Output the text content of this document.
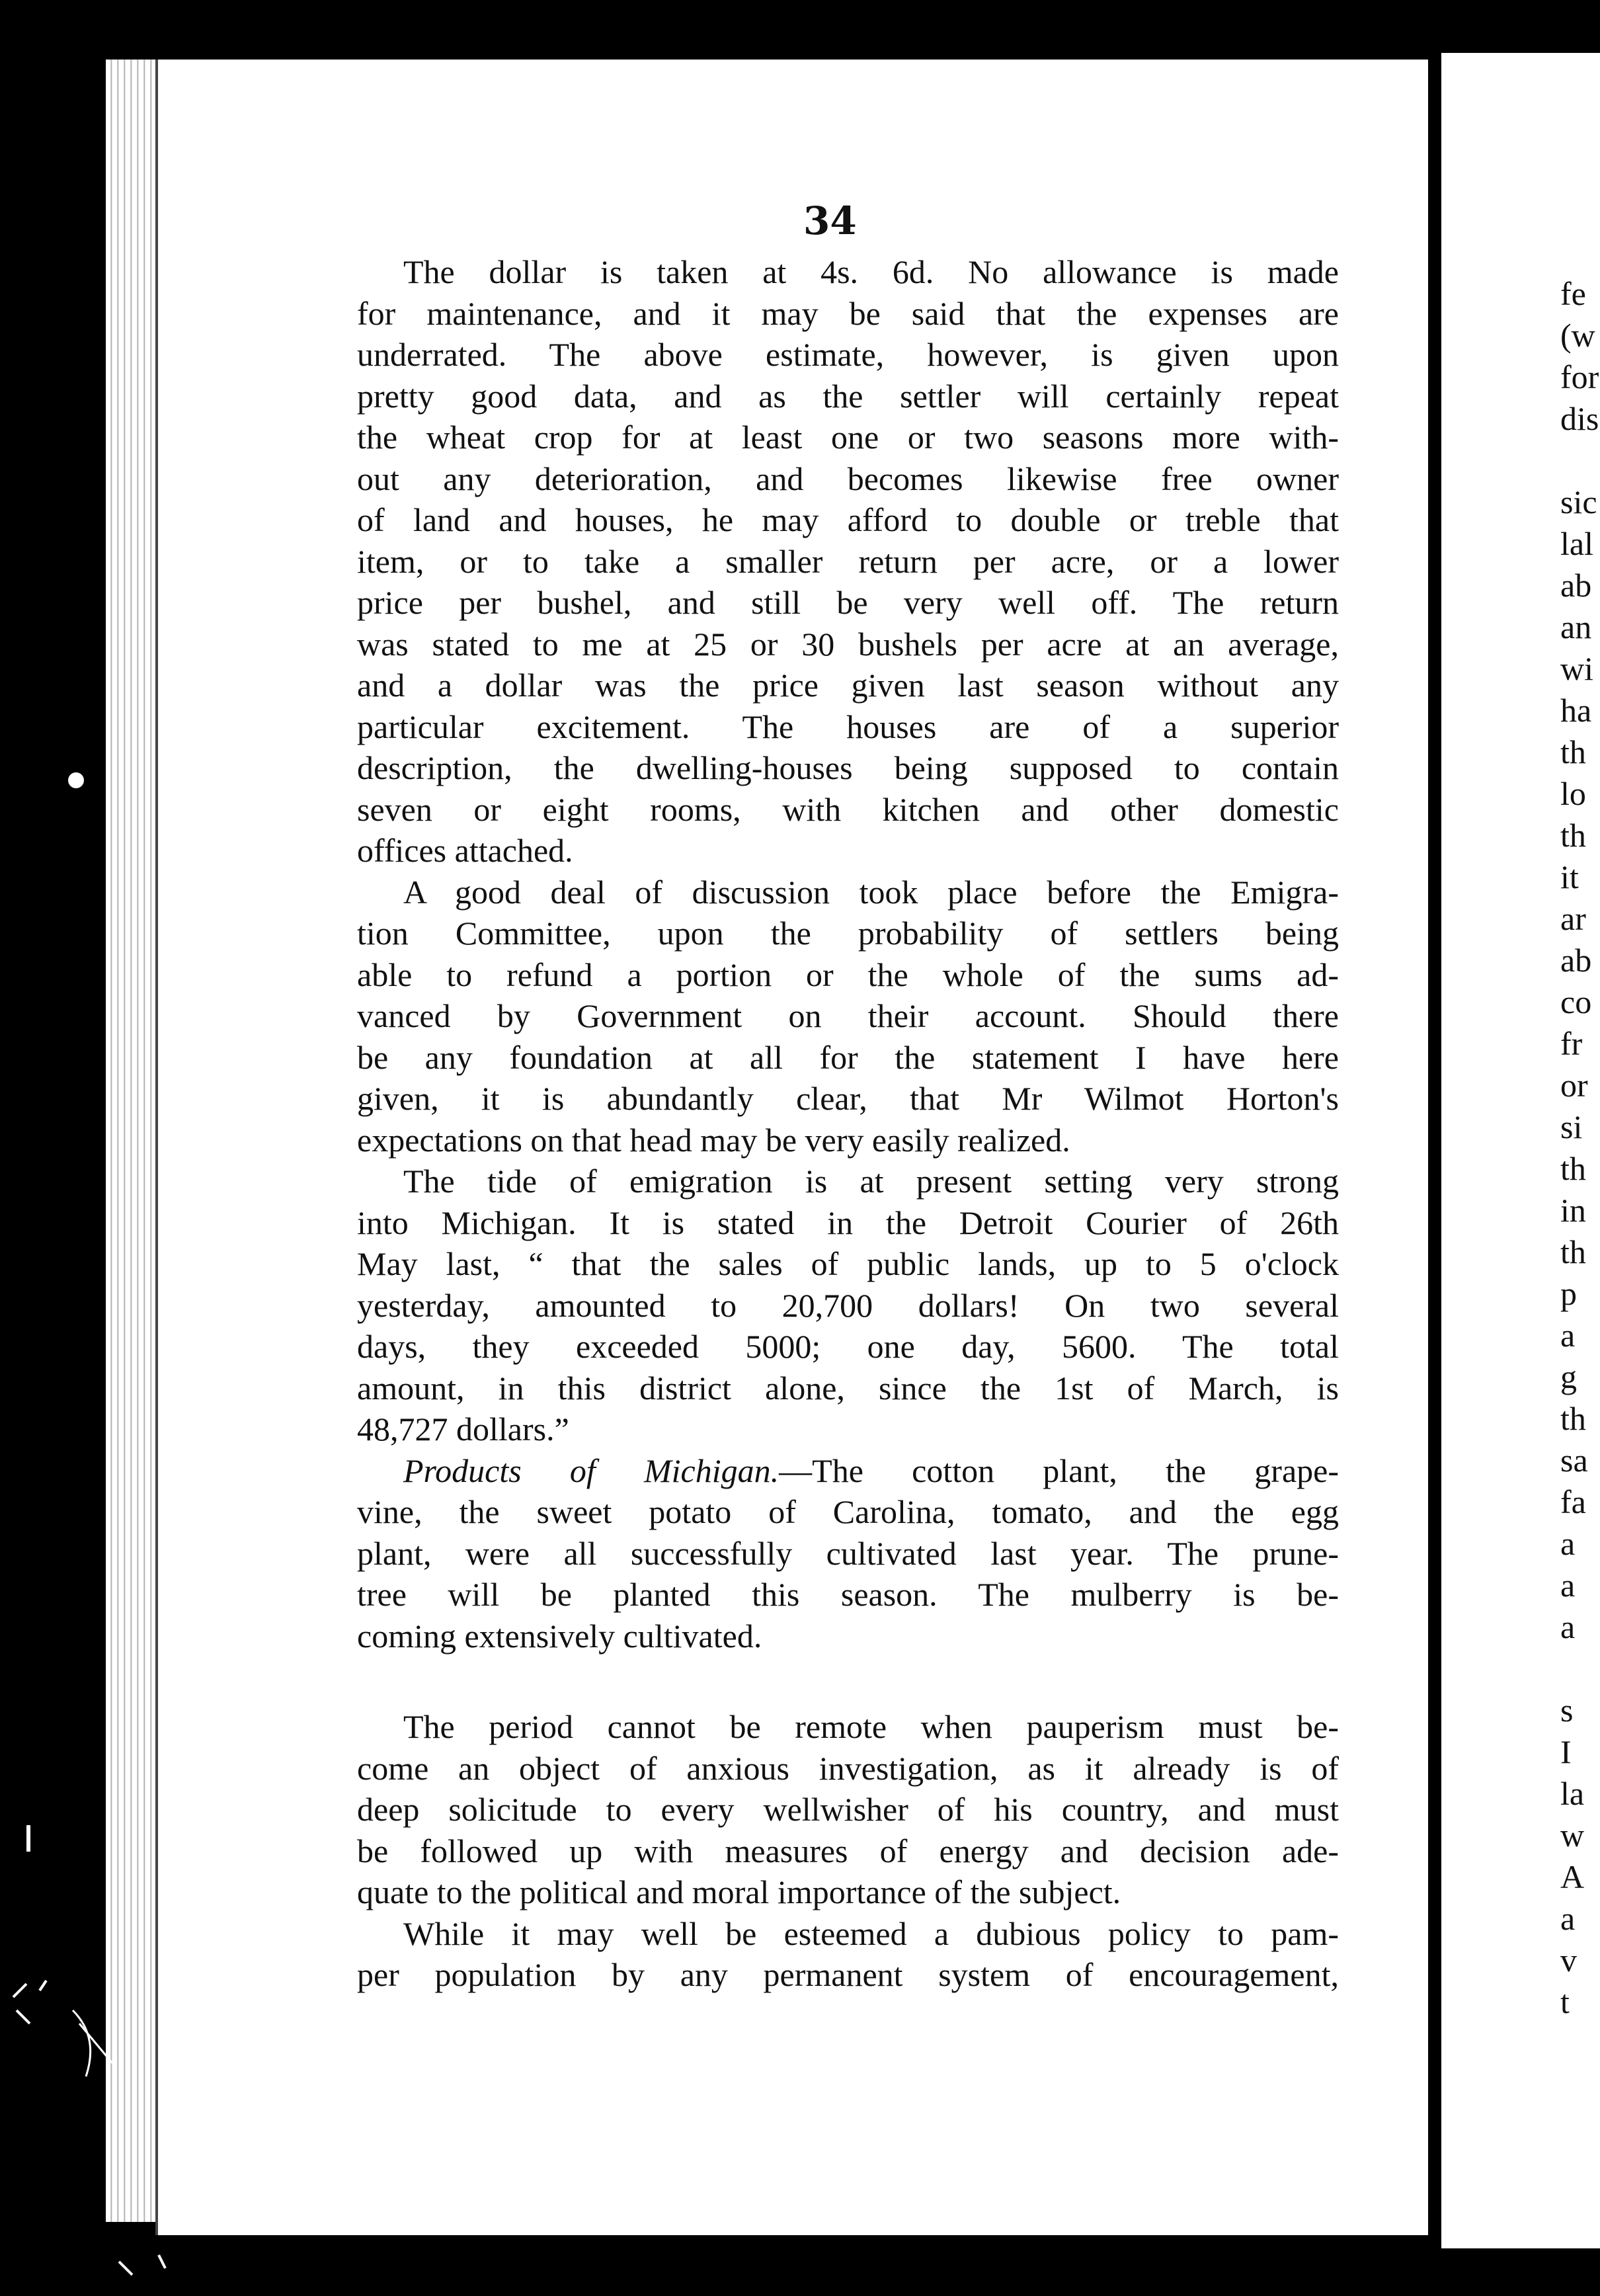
34
The dollar is taken at 4s. 6d. No allowance is made
for maintenance, and it may be said that the expenses are
underrated. The above estimate, however, is given upon
pretty good data, and as the settler will certainly repeat
the wheat crop for at least one or two seasons more with-
out any deterioration, and becomes likewise free owner
of land and houses, he may afford to double or treble that
item, or to take a smaller return per acre, or a lower
price per bushel, and still be very well off. The return
was stated to me at 25 or 30 bushels per acre at an average,
and a dollar was the price given last season without any
particular excitement. The houses are of a superior
description, the dwelling-houses being supposed to contain
seven or eight rooms, with kitchen and other domestic
offices attached.
A good deal of discussion took place before the Emigra-
tion Committee, upon the probability of settlers being
able to refund a portion or the whole of the sums ad-
vanced by Government on their account. Should there
be any foundation at all for the statement I have here
given, it is abundantly clear, that Mr Wilmot Horton's
expectations on that head may be very easily realized.
The tide of emigration is at present setting very strong
into Michigan. It is stated in the Detroit Courier of 26th
May last, “ that the sales of public lands, up to 5 o'clock
yesterday, amounted to 20,700 dollars! On two several
days, they exceeded 5000; one day, 5600. The total
amount, in this district alone, since the 1st of March, is
48,727 dollars.”
Products of Michigan.—The cotton plant, the grape-
vine, the sweet potato of Carolina, tomato, and the egg
plant, were all successfully cultivated last year. The prune-
tree will be planted this season. The mulberry is be-
coming extensively cultivated.
The period cannot be remote when pauperism must be-
come an object of anxious investigation, as it already is of
deep solicitude to every wellwisher of his country, and must
be followed up with measures of energy and decision ade-
quate to the political and moral importance of the subject.
While it may well be esteemed a dubious policy to pam-
per population by any permanent system of encouragement,
fe
(w
for
dis
sic
lal
ab
an
wi
ha
th
lo
th
it
ar
ab
co
fr
or
si
th
in
th
p
a
g
th
sa
fa
a
a
a
s
I
la
w
A
a
v
t
